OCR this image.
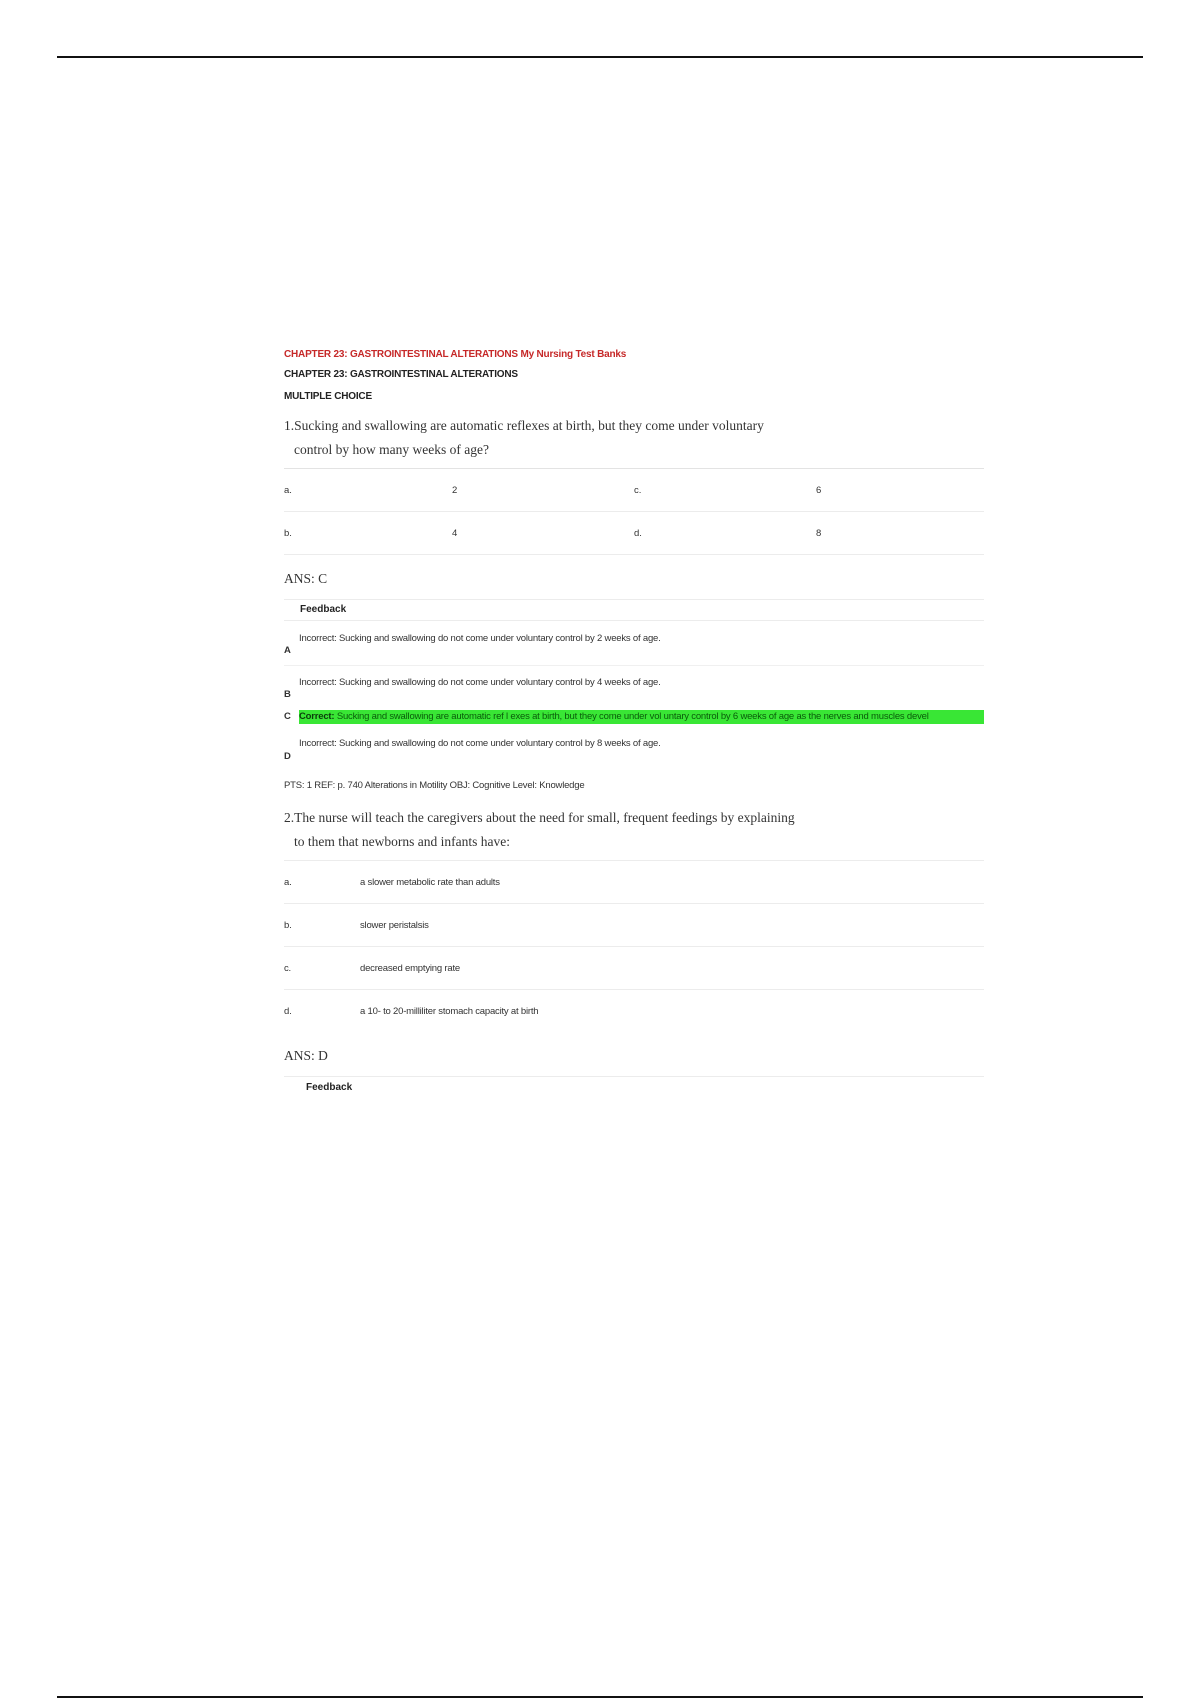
CHAPTER 23: GASTROINTESTINAL ALTERATIONS My Nursing Test Banks
CHAPTER 23: GASTROINTESTINAL ALTERATIONS
MULTIPLE CHOICE
1.Sucking and swallowing are automatic reflexes at birth, but they come under voluntary
control by how many weeks of age?
a.	2	c.	6
b.	4	d.	8
ANS: C
Feedback
Incorrect: Sucking and swallowing do not come under voluntary control by 2 weeks of age.
A
Incorrect: Sucking and swallowing do not come under voluntary control by 4 weeks of age.
B
C Correct: Sucking and swallowing are automatic ref l exes at birth, but they come under vol untary control by 6 weeks of age as the nerves and muscles devel
Incorrect: Sucking and swallowing do not come under voluntary control by 8 weeks of age.
D
PTS: 1 REF: p. 740 Alterations in Motility OBJ: Cognitive Level: Knowledge
2.The nurse will teach the caregivers about the need for small, frequent feedings by explaining
to them that newborns and infants have:
a.	a slower metabolic rate than adults
b.	slower peristalsis
c.	decreased emptying rate
d.	a 10- to 20-milliliter stomach capacity at birth
ANS: D
Feedback
